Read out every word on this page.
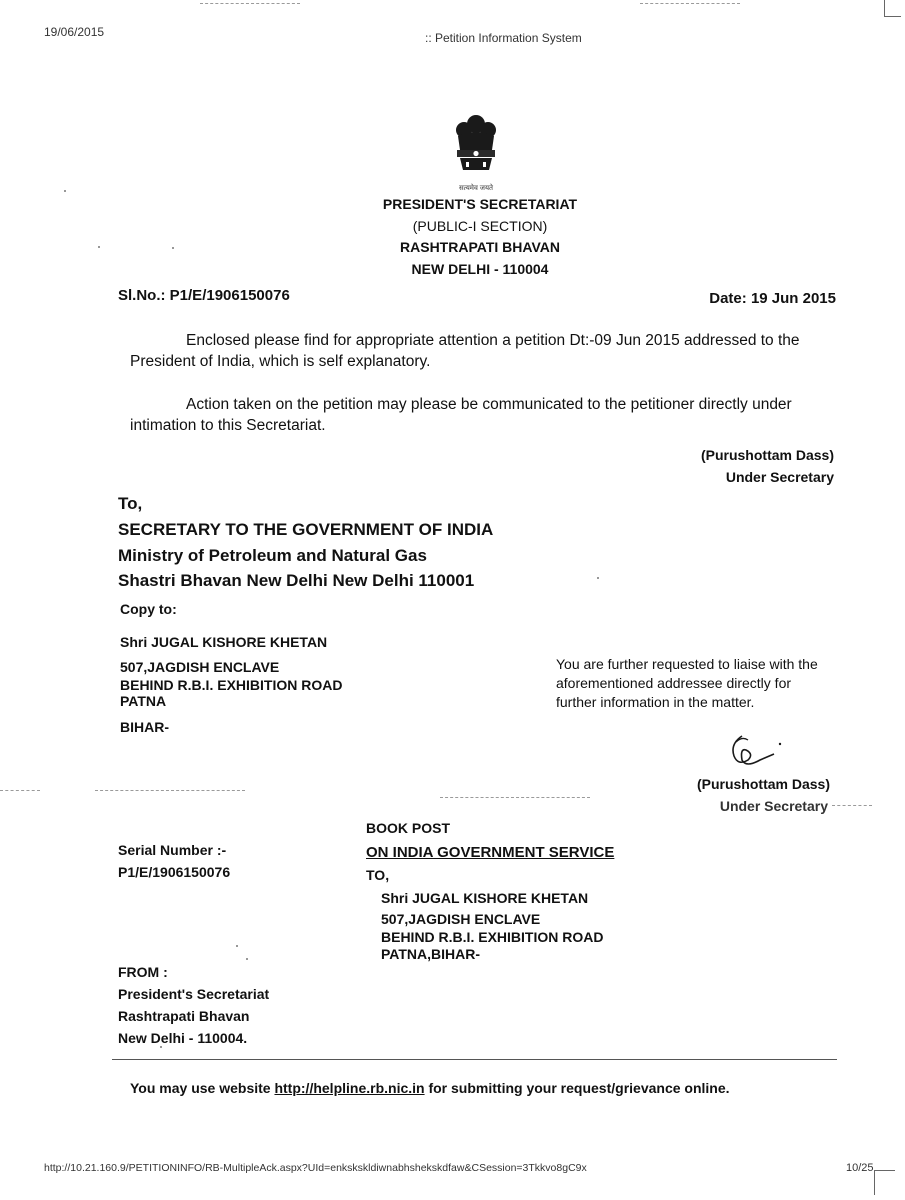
19/06/2015	:: Petition Information System
सत्यमेव जयते
PRESIDENT'S SECRETARIAT
(PUBLIC-I SECTION)
RASHTRAPATI BHAVAN
NEW DELHI - 110004
Sl.No.: P1/E/1906150076	Date: 19 Jun 2015
Enclosed please find for appropriate attention a petition Dt:-09 Jun 2015 addressed to the President of India, which is self explanatory.
Action taken on the petition may please be communicated to the petitioner directly under intimation to this Secretariat.
(Purushottam Dass)
Under Secretary
To,
SECRETARY TO THE GOVERNMENT OF INDIA
Ministry of Petroleum and Natural Gas
Shastri Bhavan New Delhi New Delhi 110001
Copy to:
Shri JUGAL KISHORE KHETAN
507,JAGDISH ENCLAVE
BEHIND R.B.I. EXHIBITION ROAD
PATNA
BIHAR-
You are further requested to liaise with the aforementioned addressee directly for further information in the matter.
(Purushottam Dass)
Under Secretary
BOOK POST
ON INDIA GOVERNMENT SERVICE
Serial Number :-
P1/E/1906150076	TO,
Shri JUGAL KISHORE KHETAN
507,JAGDISH ENCLAVE
BEHIND R.B.I. EXHIBITION ROAD
PATNA,BIHAR-
FROM :
President's Secretariat
Rashtrapati Bhavan
New Delhi - 110004.
You may use website http://helpline.rb.nic.in for submitting your request/grievance online.
http://10.21.160.9/PETITIONINFO/RB-MultipleAck.aspx?UId=enkskskldiwnabhshekskdfaw&CSession=3Tkkvo8gC9x	10/25
